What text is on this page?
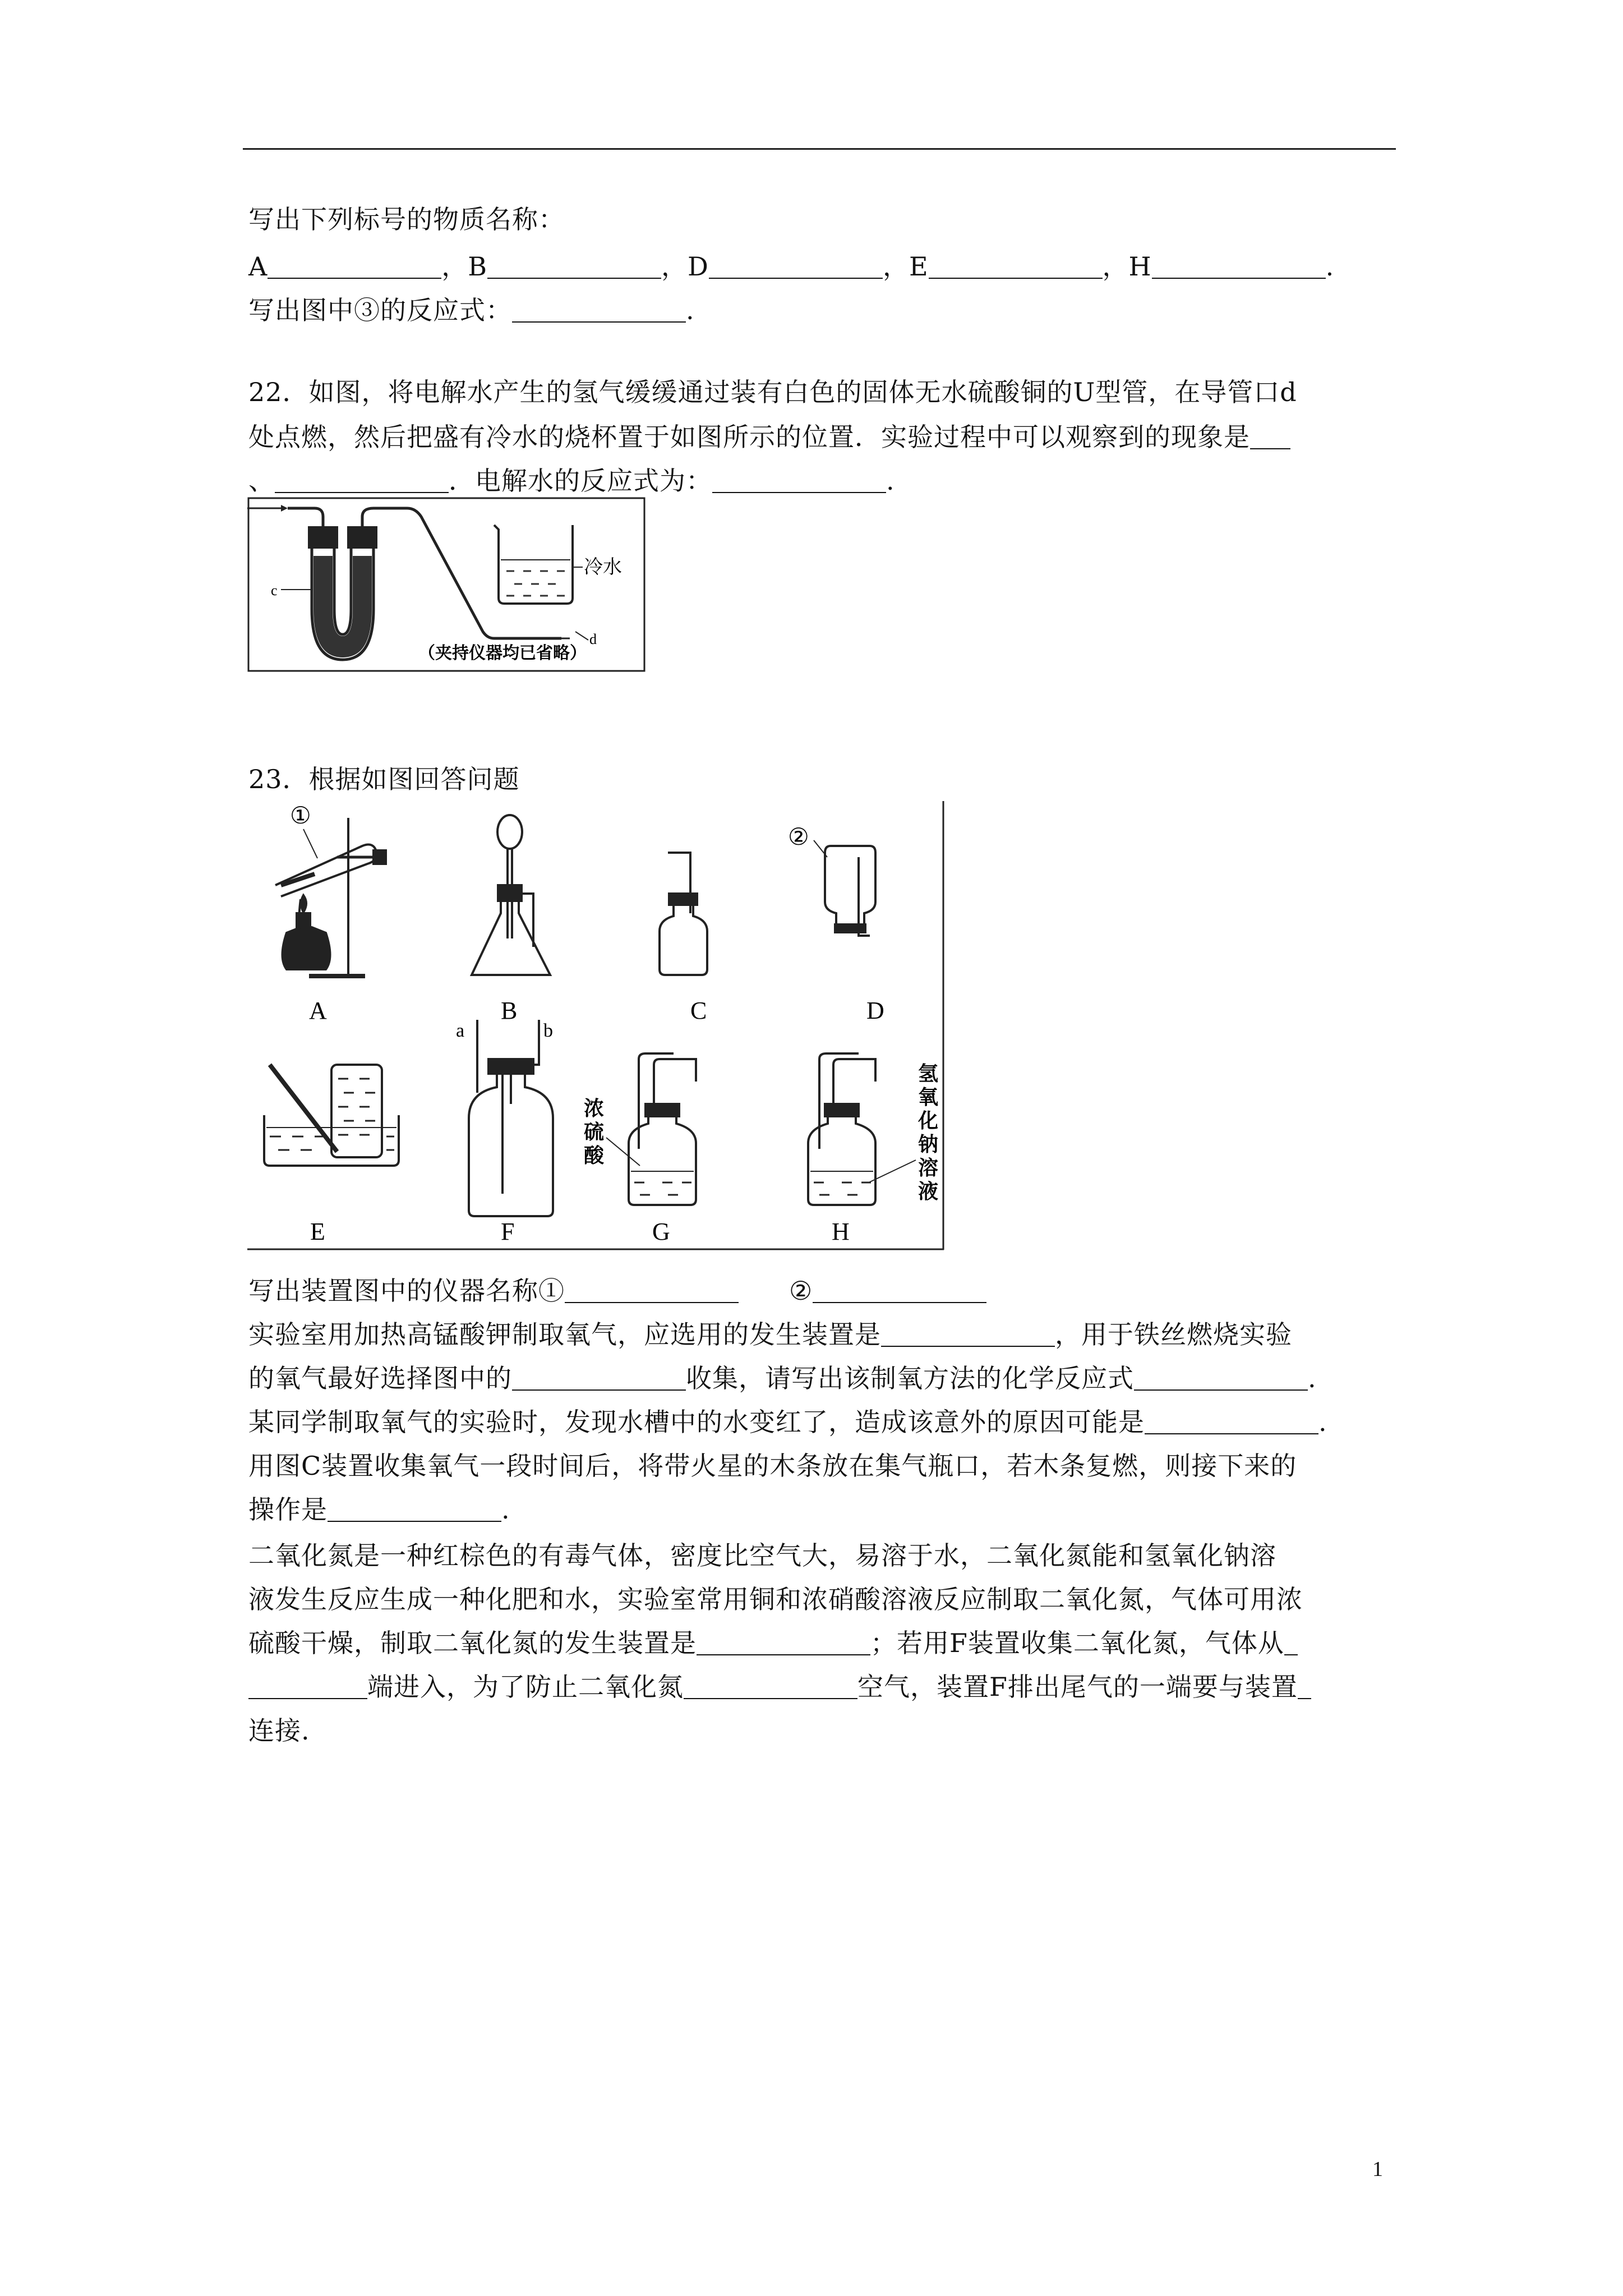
写出下列标号的物质名称：
A	，B	，D	，E	，H	.
写出图中③的反应式：	.
22．如图，将电解水产生的氢气缓缓通过装有白色的固体无水硫酸铜的U型管，在导管口d
处点燃，然后把盛有冷水的烧杯置于如图所示的位置．实验过程中可以观察到的现象是
、	．电解水的反应式为：	.
c
d
冷水
（夹持仪器均已省略）
23．根据如图回答问题
①
②
A	B	C	D
a	b
浓
硫
酸
氢
氧
化
钠
溶
液
E	F	G	H
写出装置图中的仪器名称①	②
实验室用加热高锰酸钾制取氧气，应选用的发生装置是	，用于铁丝燃烧实验
的氧气最好选择图中的	收集，请写出该制氧方法的化学反应式	.
某同学制取氧气的实验时，发现水槽中的水变红了，造成该意外的原因可能是	.
用图C装置收集氧气一段时间后，将带火星的木条放在集气瓶口，若木条复燃，则接下来的
操作是	.
二氧化氮是一种红棕色的有毒气体，密度比空气大，易溶于水，二氧化氮能和氢氧化钠溶
液发生反应生成一种化肥和水，实验室常用铜和浓硝酸溶液反应制取二氧化氮，气体可用浓
硫酸干燥，制取二氧化氮的发生装置是	；若用F装置收集二氧化氮，气体从
端进入，为了防止二氧化氮	空气，装置F排出尾气的一端要与装置
连接.
1
